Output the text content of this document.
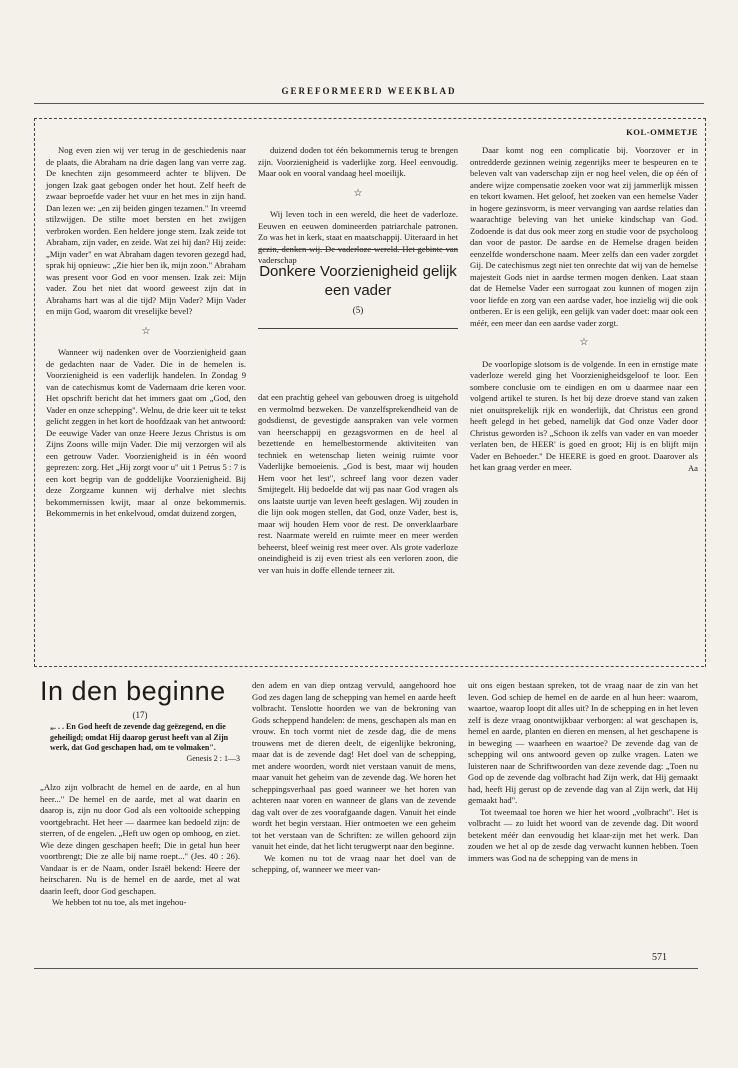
GEREFORMEERD WEEKBLAD
KOL-OMMETJE

Nog even zien wij ver terug in de geschiedenis naar de plaats, die Abraham na drie dagen lang van verre zag. De knechten zijn gesommeerd achter te blijven. De jongen Izak gaat gebogen onder het hout. Zelf heeft de zwaar beproefde vader het vuur en het mes in zijn hand. Dan lezen we: „en zij beiden gingen tezamen." In vreemd stilzwijgen. De stilte moet bersten en het zwijgen verbroken worden. Een heldere jonge stem. Izak zeide tot Abraham, zijn vader, en zeide. Wat zei hij dan? Hij zeide: „Mijn vader" en wat Abraham dagen tevoren gezegd had, sprak hij opnieuw: „Zie hier ben ik, mijn zoon." Abraham was present voor God en voor mensen. Izak zei: Mijn vader. Zou het niet dat woord geweest zijn dat in Abrahams hart was al die tijd? Mijn Vader? Mijn Vader en mijn God, waarom dit vreselijke bevel?

☆

Wanneer wij nadenken over de Voorzienigheid gaan de gedachten naar de Vader. Die in de hemelen is. Voorzienigheid is een vaderlijk handelen. In Zondag 9 van de catechismus komt de Vadernaam drie keren voor. Het opschrift bericht dat het immers gaat om „God, den Vader en onze schepping". Welnu, de drie keer uit te tekst gelicht zeggen in het kort de hoofdzaak van het antwoord: De eeuwige Vader van onze Heere Jezus Christus is om Zijns Zoons wille mijn Vader. Die mij verzorgen wil als een getrouw Vader. Voorzienigheid is in één woord geprezen: zorg. Het „Hij zorgt voor u" uit 1 Petrus 5 : 7 is een kort begrip van de goddelijke Voorzienigheid. Bij deze Zorgzame kunnen wij derhalve niet slechts bekommernissen kwijt, maar al onze bekommernis. Bekommernis in het enkelvoud, omdat duizend zorgen,

duizend doden tot één bekommernis terug te brengen zijn. Voorzienigheid is vaderlijke zorg. Heel eenvoudig. Maar ook en vooral vandaag heel moeilijk.

☆

Wij leven toch in een wereld, die heet de vaderloze. Eeuwen en eeuwen domineerden patriarchale patronen. Zo was het in kerk, staat en maatschappij. Uiteraard in het gezin, denken wij. De vaderloze wereld. Het gebinte van vaderschap

Donkere Voorzienigheid gelijk een vader
(5)

dat een prachtig geheel van gebouwen droeg is uitgehold en vermolmd bezweken. De vanzelfsprekendheid van de godsdienst, de gevestigde aanspraken van vele vormen van heerschappij en gezagsvormen en de heel al bezettende en hemelbestormende aktiviteiten van techniek en wetenschap lieten weinig ruimte voor Vaderlijke bemoeienis. „God is best, maar wij houden Hem voor het lest", schreef lang voor dezen vader Smijtegelt. Hij bedoelde dat wij pas naar God vragen als ons laatste uurtje van leven heeft geslagen. Wij zouden in die lijn ook mogen stellen, dat God, onze Vader, best is, maar wij houden Hem voor de rest. De onverklaarbare rest. Naarmate wereld en ruimte meer en meer werden beheerst, bleef weinig rest meer over. Als grote vaderloze oneindigheid is zij even triest als een verloren zoon, die ver van huis in doffe ellende terneer zit.

Daar komt nog een complicatie bij. Voorzover er in ontredderde gezinnen weinig zegenrijks meer te bespeuren en te beleven valt van vaderschap zijn er nog heel velen, die op één of andere wijze compensatie zoeken voor wat zij jammerlijk missen en tekort kwamen. Het geloof, het zoeken van een hemelse Vader in hogere gezinsvorm, is meer vervanging van aardse relaties dan waarachtige beleving van het unieke kindschap van God. Zodoende is dat dus ook meer zorg en studie voor de psycholoog dan voor de pastor. De aardse en de Hemelse dragen beiden eenzelfde wonderschone naam. Meer zelfs dan een vader zorgdet Gij. De catechismus zegt niet ten onrechte dat wij van de hemelse majesteit Gods niet in aardse termen mogen denken. Laat staan dat de Hemelse Vader een surrogaat zou kunnen of mogen zijn voor liefde en zorg van een aardse vader, hoe inzielig wij die ook ontberen. Er is een gelijk, een gelijk van vader doet: maar ook een méér, een meer dan een aardse vader zorgt.

☆

De voorlopige slotsom is de volgende. In een in ernstige mate vaderloze wereld ging het Voorzienigheidsgeloof te loor. Een sombere conclusie om te eindigen en om u daarmee naar een volgend artikel te sturen. Is het bij deze droeve stand van zaken niet onuitsprekelijk rijk en wonderlijk, dat Christus een grond heeft gelegd in het gebed, namelijk dat God onze Vader door Christus geworden is? „Schoon ik zelfs van vader en van moeder verlaten ben, de HEER' is goed en groot; Hij is en blijft mijn Vader en Behoeder." De HEERE is goed en groot. Daarover als het kan graag verder en meer.	Aa
In den beginne
(17)
„. . . En God heeft de zevende dag geëzegend, en die geheiligd; omdat Hij daarop gerust heeft van al Zijn werk, dat God geschapen had, om te volmaken".
Genesis 2 : 1—3

„Alzo zijn volbracht de hemel en de aarde, en al hun heer..." De hemel en de aarde, met al wat daarin en daarop is, zijn nu door God als een voltooide schepping voortgebracht. Het heer — daarmee kan bedoeld zijn: de sterren, of de engelen. „Heft uw ogen op omhoog, en ziet. Wie deze dingen geschapen heeft; Die in getal hun heer voortbrengt; Die ze alle bij name roept..." (Jes. 40 : 26). Vandaar is er de Naam, onder Israël bekend: Heere der heirscharen. Nu is de hemel en de aarde, met al wat daarin leeft, door God geschapen.

We hebben tot nu toe, als met ingehou-

den adem en van diep ontzag vervuld, aangehoord hoe God zes dagen lang de schepping van hemel en aarde heeft volbracht. Tenslotte hoorden we van de bekroning van Gods scheppend handelen: de mens, geschapen als man en vrouw. En toch vormt niet de zesde dag, die de mens trouwens met de dieren deelt, de eigenlijke bekroning, maar dat is de zevende dag! Het doel van de schepping, met andere woorden, wordt niet verstaan vanuit de mens, maar vanuit het geheim van de zevende dag. We horen het scheppingsverhaal pas goed wanneer we het horen van achteren naar voren en wanneer de glans van de zevende dag valt over de zes voorafgaande dagen. Vanuit het einde wordt het begin verstaan. Hier ontmoeten we een geheim tot het verstaan van de Schriften: ze willen gehoord zijn vanuit het einde, dat het licht terugwerpt naar den beginne.

We komen nu tot de vraag naar het doel van de schepping, of, wanneer we meer van-

uit ons eigen bestaan spreken, tot de vraag naar de zin van het leven. God schiep de hemel en de aarde en al hun heer: waarom, waartoe, waarop loopt dit alles uit? In de schepping en in het leven zelf is deze vraag onontwijkbaar verborgen: al wat geschapen is, hemel en aarde, planten en dieren en mensen, al het geschapene is in beweging — waarheen en waartoe? De zevende dag van de schepping wil ons antwoord geven op zulke vragen. Laten we luisteren naar de Schriftwoorden van deze zevende dag: „Toen nu God op de zevende dag volbracht had Zijn werk, dat Hij gemaakt had, heeft Hij gerust op de zevende dag van al Zijn werk, dat Hij gemaakt had".

Tot tweemaal toe horen we hier het woord „volbracht". Het is volbracht — zo luidt het woord van de zevende dag. Dit woord betekent méér dan eenvoudig het klaar-zijn met het werk. Dan zouden we het al op de zesde dag verwacht kunnen hebben. Toen immers was God na de schepping van de mens in

571
